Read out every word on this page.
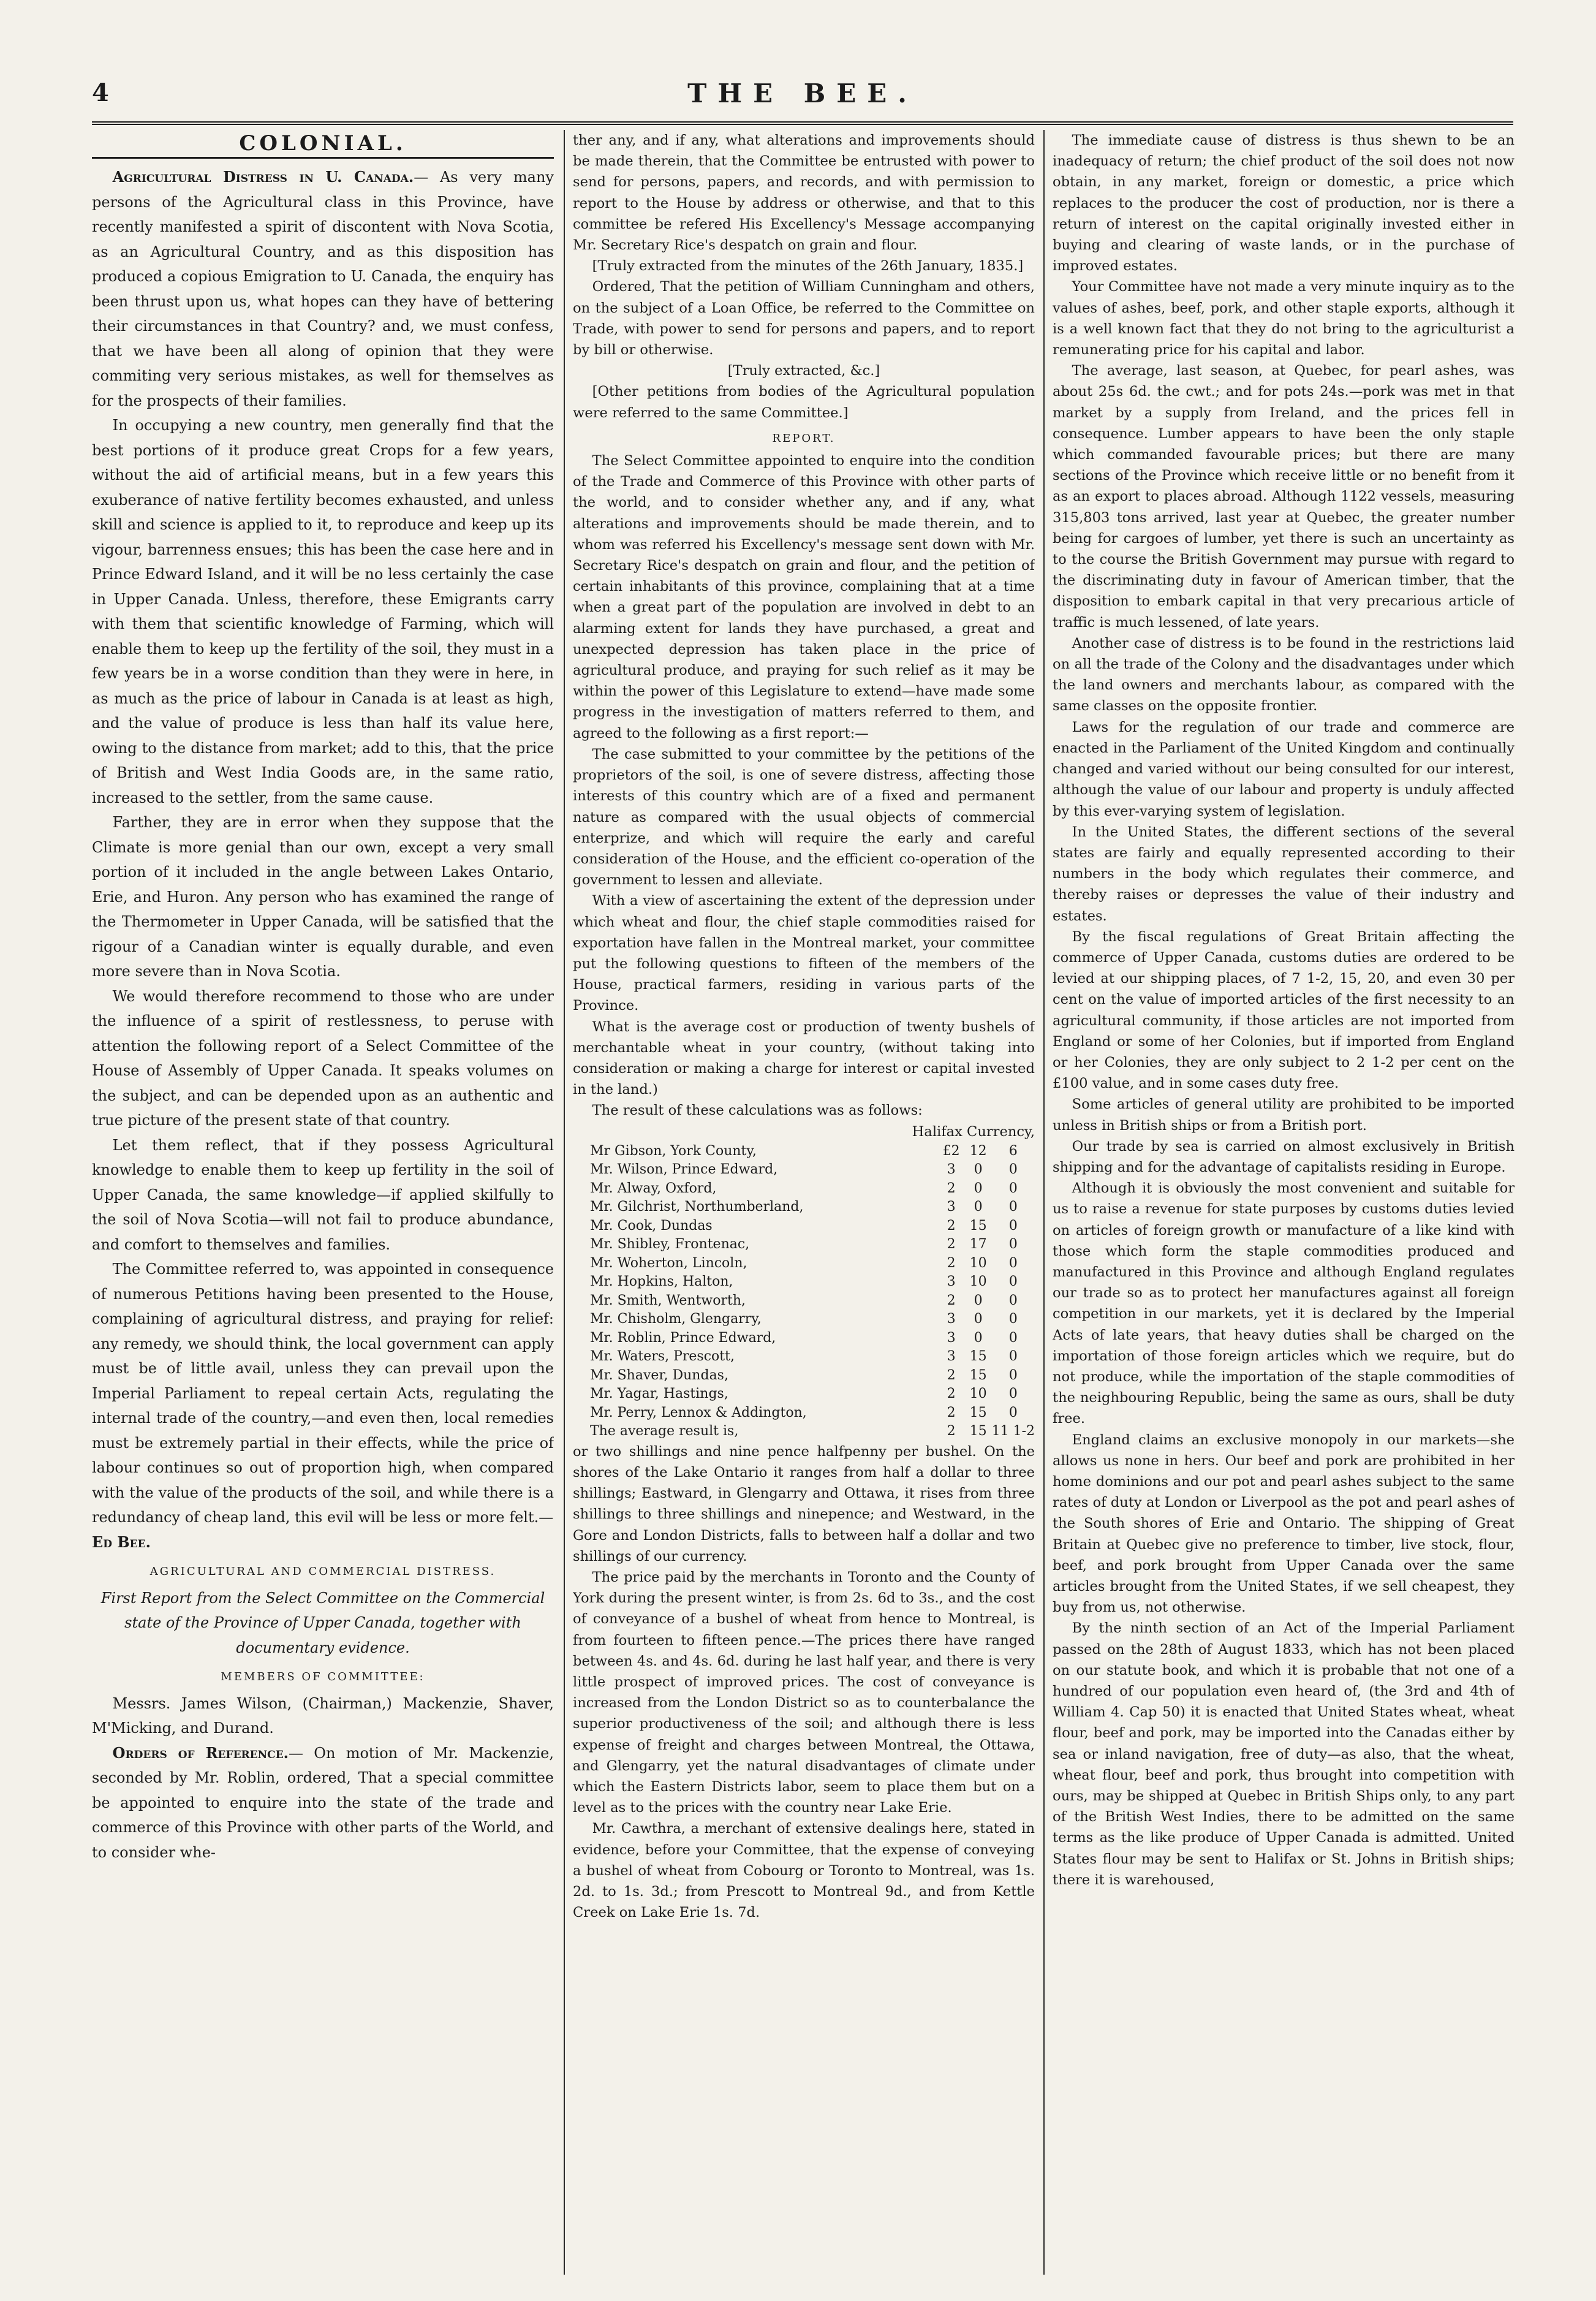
4	THE BEE.
COLONIAL.

Agricultural Distress in U. Canada.— As very many persons of the Agricultural class in this Province, have recently manifested a spirit of discontent with Nova Scotia, as an Agricultural Country, and as this disposition has produced a copious Emigration to U. Canada, the enquiry has been thrust upon us, what hopes can they have of bettering their circumstances in that Country? and, we must confess, that we have been all along of opinion that they were commiting very serious mistakes, as well for themselves as for the prospects of their families.

In occupying a new country, men generally find that the best portions of it produce great Crops for a few years, without the aid of artificial means, but in a few years this exuberance of native fertility becomes exhausted, and unless skill and science is applied to it, to reproduce and keep up its vigour, barrenness ensues; this has been the case here and in Prince Edward Island, and it will be no less certainly the case in Upper Canada. Unless, therefore, these Emigrants carry with them that scientific knowledge of Farming, which will enable them to keep up the fertility of the soil, they must in a few years be in a worse condition than they were in here, in as much as the price of labour in Canada is at least as high, and the value of produce is less than half its value here, owing to the distance from market; add to this, that the price of British and West India Goods are, in the same ratio, increased to the settler, from the same cause.

Farther, they are in error when they suppose that the Climate is more genial than our own, except a very small portion of it included in the angle between Lakes Ontario, Erie, and Huron. Any person who has examined the range of the Thermometer in Upper Canada, will be satisfied that the rigour of a Canadian winter is equally durable, and even more severe than in Nova Scotia.

We would therefore recommend to those who are under the influence of a spirit of restlessness, to peruse with attention the following report of a Select Committee of the House of Assembly of Upper Canada. It speaks volumes on the subject, and can be depended upon as an authentic and true picture of the present state of that country.

Let them reflect, that if they possess Agricultural knowledge to enable them to keep up fertility in the soil of Upper Canada, the same knowledge—if applied skilfully to the soil of Nova Scotia—will not fail to produce abundance, and comfort to themselves and families.

The Committee referred to, was appointed in consequence of numerous Petitions having been presented to the House, complaining of agricultural distress, and praying for relief: any remedy, we should think, the local government can apply must be of little avail, unless they can prevail upon the Imperial Parliament to repeal certain Acts, regulating the internal trade of the country,—and even then, local remedies must be extremely partial in their effects, while the price of labour continues so out of proportion high, when compared with the value of the products of the soil, and while there is a redundancy of cheap land, this evil will be less or more felt.—

Ed Bee.

AGRICULTURAL AND COMMERCIAL DISTRESS.

First Report from the Select Committee on the Commercial state of the Province of Upper Canada, together with documentary evidence.

MEMBERS OF COMMITTEE:

Messrs. James Wilson, (Chairman,) Mackenzie, Shaver, M'Micking, and Durand.

Orders of Reference.— On motion of Mr. Mackenzie, seconded by Mr. Roblin, ordered, That a special committee be appointed to enquire into the state of the trade and commerce of this Province with other parts of the World, and to consider whe-

ther any, and if any, what alterations and improvements should be made therein, that the Committee be entrusted with power to send for persons, papers, and records, and with permission to report to the House by address or otherwise, and that to this committee be refered His Excellency's Message accompanying Mr. Secretary Rice's despatch on grain and flour.

[Truly extracted from the minutes of the 26th January, 1835.]

Ordered, That the petition of William Cunningham and others, on the subject of a Loan Office, be referred to the Committee on Trade, with power to send for persons and papers, and to report by bill or otherwise.

[Truly extracted, &c.]

[Other petitions from bodies of the Agricultural population were referred to the same Committee.]

REPORT.

The Select Committee appointed to enquire into the condition of the Trade and Commerce of this Province with other parts of the world, and to consider whether any, and if any, what alterations and improvements should be made therein, and to whom was referred his Excellency's message sent down with Mr. Secretary Rice's despatch on grain and flour, and the petition of certain inhabitants of this province, complaining that at a time when a great part of the population are involved in debt to an alarming extent for lands they have purchased, a great and unexpected depression has taken place in the price of agricultural produce, and praying for such relief as it may be within the power of this Legislature to extend—have made some progress in the investigation of matters referred to them, and agreed to the following as a first report:—

The case submitted to your committee by the petitions of the proprietors of the soil, is one of severe distress, affecting those interests of this country which are of a fixed and permanent nature as compared with the usual objects of commercial enterprize, and which will require the early and careful consideration of the House, and the efficient co-operation of the government to lessen and alleviate.

With a view of ascertaining the extent of the depression under which wheat and flour, the chief staple commodities raised for exportation have fallen in the Montreal market, your committee put the following questions to fifteen of the members of the House, practical farmers, residing in various parts of the Province.

What is the average cost or production of twenty bushels of merchantable wheat in your country, (without taking into consideration or making a charge for interest or capital invested in the land.)

The result of these calculations was as follows:

Halifax Currency,
Mr Gibson, York County,	£2	12	6
Mr. Wilson, Prince Edward,	3	0	0
Mr. Alway, Oxford,	2	0	0
Mr. Gilchrist, Northumberland,	3	0	0
Mr. Cook, Dundas	2	15	0
Mr. Shibley, Frontenac,	2	17	0
Mr. Woherton, Lincoln,	2	10	0
Mr. Hopkins, Halton,	3	10	0
Mr. Smith, Wentworth,	2	0	0
Mr. Chisholm, Glengarry,	3	0	0
Mr. Roblin, Prince Edward,	3	0	0
Mr. Waters, Prescott,	3	15	0
Mr. Shaver, Dundas,	2	15	0
Mr. Yagar, Hastings,	2	10	0
Mr. Perry, Lennox & Addington,	2	15	0
The average result is,	2	15	11 1-2

or two shillings and nine pence halfpenny per bushel. On the shores of the Lake Ontario it ranges from half a dollar to three shillings; Eastward, in Glengarry and Ottawa, it rises from three shillings to three shillings and ninepence; and Westward, in the Gore and London Districts, falls to between half a dollar and two shillings of our currency.

The price paid by the merchants in Toronto and the County of York during the present winter, is from 2s. 6d to 3s., and the cost of conveyance of a bushel of wheat from hence to Montreal, is from fourteen to fifteen pence.—The prices there have ranged between 4s. and 4s. 6d. during he last half year, and there is very little prospect of improved prices. The cost of conveyance is increased from the London District so as to counterbalance the superior productiveness of the soil; and although there is less expense of freight and charges between Montreal, the Ottawa, and Glengarry, yet the natural disadvantages of climate under which the Eastern Districts labor, seem to place them but on a level as to the prices with the country near Lake Erie.

Mr. Cawthra, a merchant of extensive dealings here, stated in evidence, before your Committee, that the expense of conveying a bushel of wheat from Cobourg or Toronto to Montreal, was 1s. 2d. to 1s. 3d.; from Prescott to Montreal 9d., and from Kettle Creek on Lake Erie 1s. 7d.

The immediate cause of distress is thus shewn to be an inadequacy of return; the chief product of the soil does not now obtain, in any market, foreign or domestic, a price which replaces to the producer the cost of production, nor is there a return of interest on the capital originally invested either in buying and clearing of waste lands, or in the purchase of improved estates.

Your Committee have not made a very minute inquiry as to the values of ashes, beef, pork, and other staple exports, although it is a well known fact that they do not bring to the agriculturist a remunerating price for his capital and labor.

The average, last season, at Quebec, for pearl ashes, was about 25s 6d. the cwt.; and for pots 24s.—pork was met in that market by a supply from Ireland, and the prices fell in consequence. Lumber appears to have been the only staple which commanded favourable prices; but there are many sections of the Province which receive little or no benefit from it as an export to places abroad. Although 1122 vessels, measuring 315,803 tons arrived, last year at Quebec, the greater number being for cargoes of lumber, yet there is such an uncertainty as to the course the British Government may pursue with regard to the discriminating duty in favour of American timber, that the disposition to embark capital in that very precarious article of traffic is much lessened, of late years.

Another case of distress is to be found in the restrictions laid on all the trade of the Colony and the disadvantages under which the land owners and merchants labour, as compared with the same classes on the opposite frontier.

Laws for the regulation of our trade and commerce are enacted in the Parliament of the United Kingdom and continually changed and varied without our being consulted for our interest, although the value of our labour and property is unduly affected by this ever-varying system of legislation.

In the United States, the different sections of the several states are fairly and equally represented according to their numbers in the body which regulates their commerce, and thereby raises or depresses the value of their industry and estates.

By the fiscal regulations of Great Britain affecting the commerce of Upper Canada, customs duties are ordered to be levied at our shipping places, of 7 1-2, 15, 20, and even 30 per cent on the value of imported articles of the first necessity to an agricultural community, if those articles are not imported from England or some of her Colonies, but if imported from England or her Colonies, they are only subject to 2 1-2 per cent on the £100 value, and in some cases duty free.

Some articles of general utility are prohibited to be imported unless in British ships or from a British port.

Our trade by sea is carried on almost exclusively in British shipping and for the advantage of capitalists residing in Europe.

Although it is obviously the most convenient and suitable for us to raise a revenue for state purposes by customs duties levied on articles of foreign growth or manufacture of a like kind with those which form the staple commodities produced and manufactured in this Province and although England regulates our trade so as to protect her manufactures against all foreign competition in our markets, yet it is declared by the Imperial Acts of late years, that heavy duties shall be charged on the importation of those foreign articles which we require, but do not produce, while the importation of the staple commodities of the neighbouring Republic, being the same as ours, shall be duty free.

England claims an exclusive monopoly in our markets—she allows us none in hers. Our beef and pork are prohibited in her home dominions and our pot and pearl ashes subject to the same rates of duty at London or Liverpool as the pot and pearl ashes of the South shores of Erie and Ontario. The shipping of Great Britain at Quebec give no preference to timber, live stock, flour, beef, and pork brought from Upper Canada over the same articles brought from the United States, if we sell cheapest, they buy from us, not otherwise.

By the ninth section of an Act of the Imperial Parliament passed on the 28th of August 1833, which has not been placed on our statute book, and which it is probable that not one of a hundred of our population even heard of, (the 3rd and 4th of William 4. Cap 50) it is enacted that United States wheat, wheat flour, beef and pork, may be imported into the Canadas either by sea or inland navigation, free of duty—as also, that the wheat, wheat flour, beef and pork, thus brought into competition with ours, may be shipped at Quebec in British Ships only, to any part of the British West Indies, there to be admitted on the same terms as the like produce of Upper Canada is admitted. United States flour may be sent to Halifax or St. Johns in British ships; there it is warehoused,
